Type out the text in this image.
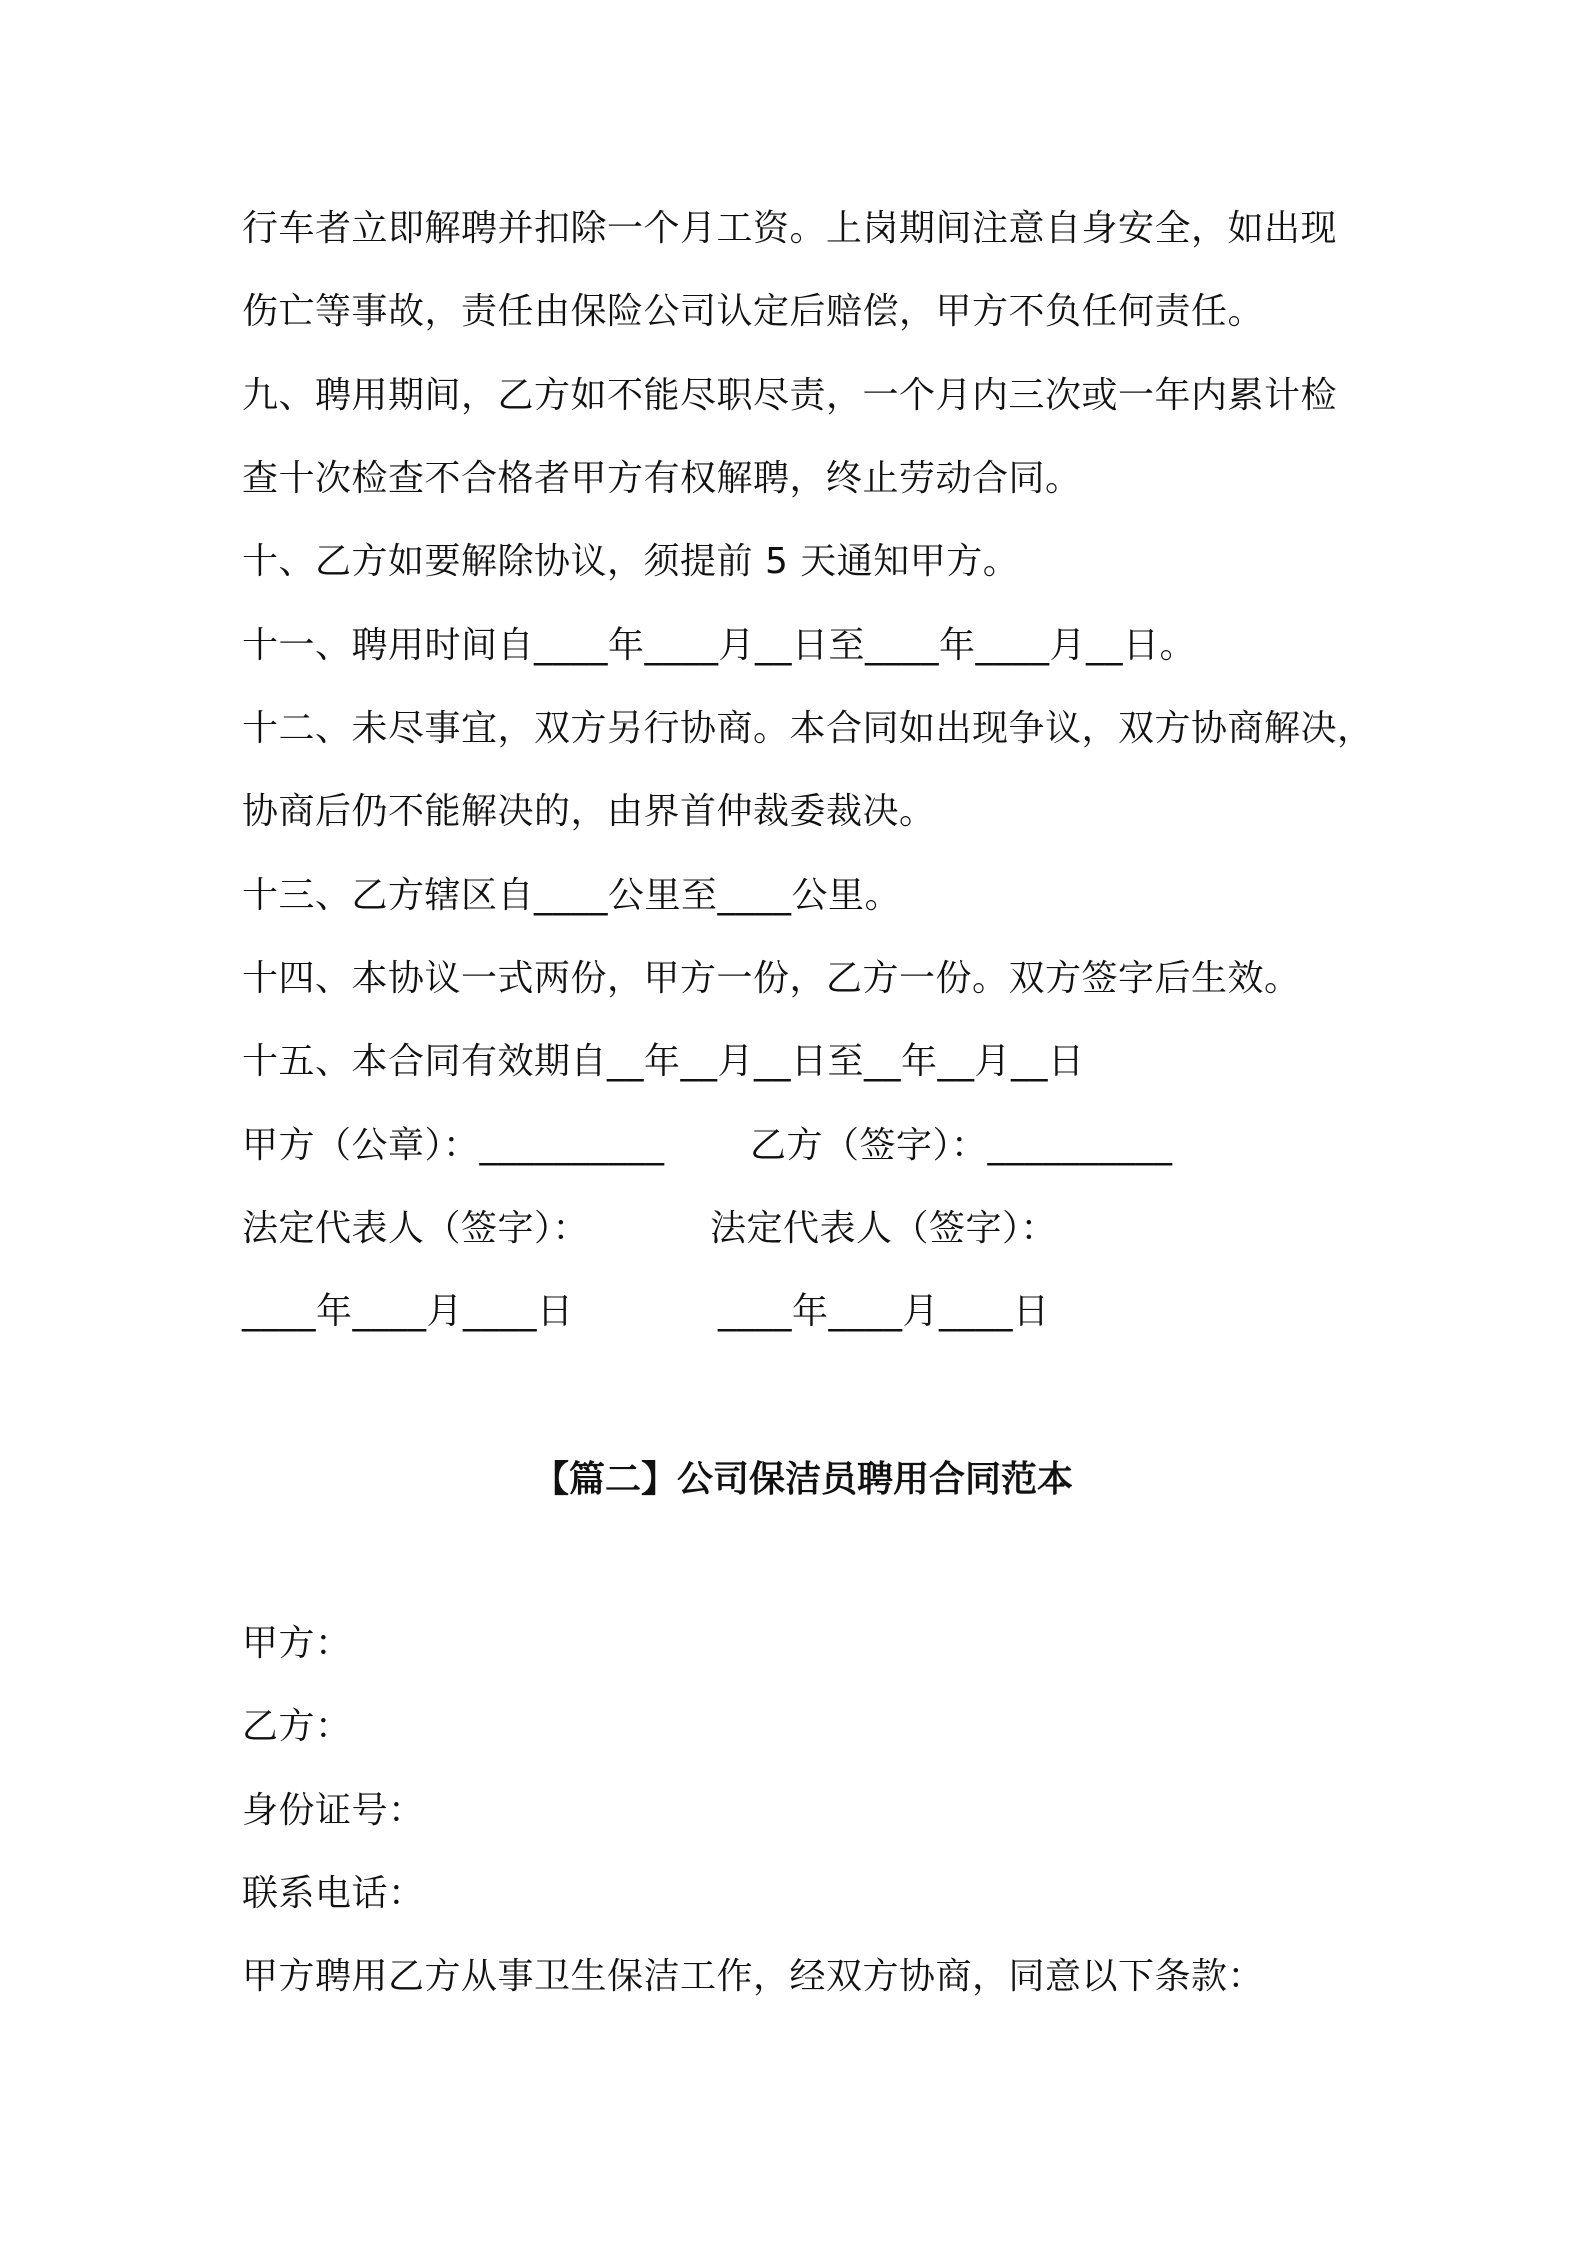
行车者立即解聘并扣除一个月工资。上岗期间注意自身安全，如出现
伤亡等事故，责任由保险公司认定后赔偿，甲方不负任何责任。
九、聘用期间，乙方如不能尽职尽责，一个月内三次或一年内累计检
查十次检查不合格者甲方有权解聘，终止劳动合同。
十、乙方如要解除协议，须提前 5 天通知甲方。
十一、聘用时间自____年____月__日至____年____月__日。
十二、未尽事宜，双方另行协商。本合同如出现争议，双方协商解决，
协商后仍不能解决的，由界首仲裁委裁决。
十三、乙方辖区自____公里至____公里。
十四、本协议一式两份，甲方一份，乙方一份。双方签字后生效。
十五、本合同有效期自__年__月__日至__年__月__日
甲方（公章）：__________ 乙方（签字）：__________
法定代表人（签字）：	法定代表人（签字）：
____年____月____日	____年____月____日
【篇二】公司保洁员聘用合同范本
甲方：
乙方：
身份证号：
联系电话：
甲方聘用乙方从事卫生保洁工作，经双方协商，同意以下条款：
